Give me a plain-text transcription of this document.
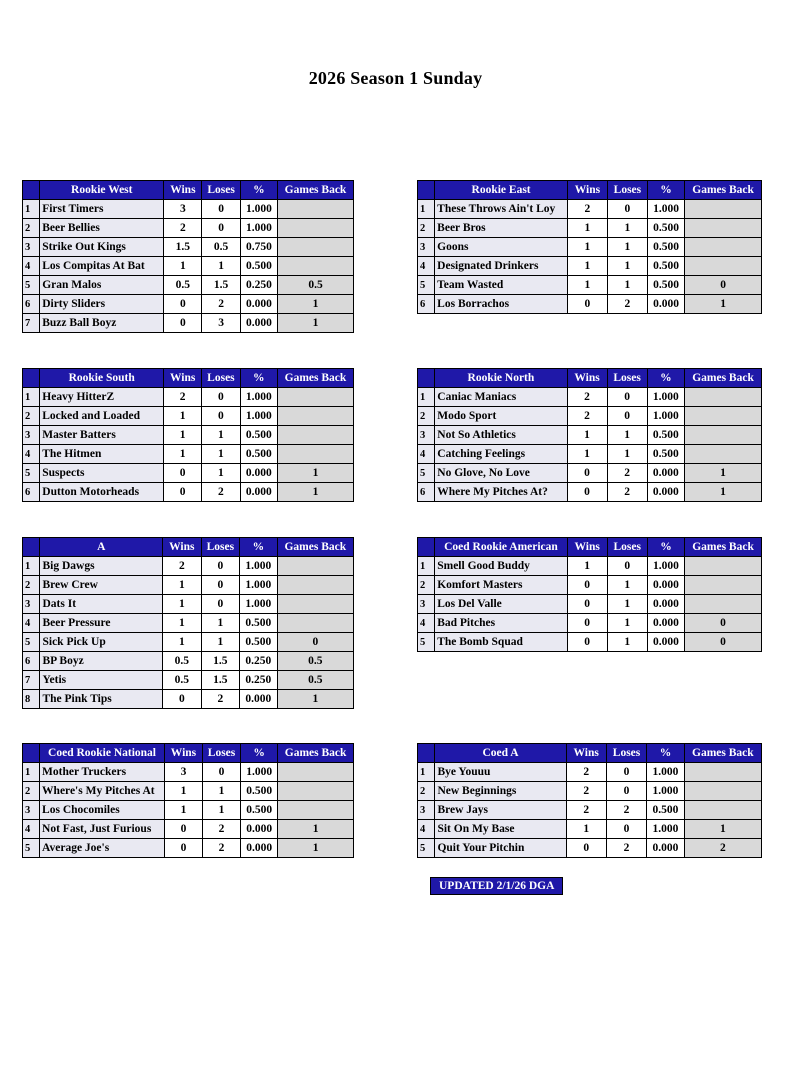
2026 Season 1 Sunday
	Rookie West	Wins	Loses	%	Games Back
1	First Timers	3	0	1.000	
2	Beer Bellies	2	0	1.000	
3	Strike Out Kings	1.5	0.5	0.750	
4	Los Compitas At Bat	1	1	0.500	
5	Gran Malos	0.5	1.5	0.250	0.5
6	Dirty Sliders	0	2	0.000	1
7	Buzz Ball Boyz	0	3	0.000	1
	Rookie East	Wins	Loses	%	Games Back
1	These Throws Ain't Loy	2	0	1.000	
2	Beer Bros	1	1	0.500	
3	Goons	1	1	0.500	
4	Designated Drinkers	1	1	0.500	
5	Team Wasted	1	1	0.500	0
6	Los Borrachos	0	2	0.000	1
	Rookie South	Wins	Loses	%	Games Back
1	Heavy HitterZ	2	0	1.000	
2	Locked and Loaded	1	0	1.000	
3	Master Batters	1	1	0.500	
4	The Hitmen	1	1	0.500	
5	Suspects	0	1	0.000	1
6	Dutton Motorheads	0	2	0.000	1
	Rookie North	Wins	Loses	%	Games Back
1	Caniac Maniacs	2	0	1.000	
2	Modo Sport	2	0	1.000	
3	Not So Athletics	1	1	0.500	
4	Catching Feelings	1	1	0.500	
5	No Glove, No Love	0	2	0.000	1
6	Where My Pitches At?	0	2	0.000	1
	A	Wins	Loses	%	Games Back
1	Big Dawgs	2	0	1.000	
2	Brew Crew	1	0	1.000	
3	Dats It	1	0	1.000	
4	Beer Pressure	1	1	0.500	
5	Sick Pick Up	1	1	0.500	0
6	BP Boyz	0.5	1.5	0.250	0.5
7	Yetis	0.5	1.5	0.250	0.5
8	The Pink Tips	0	2	0.000	1
	Coed Rookie American	Wins	Loses	%	Games Back
1	Smell Good Buddy	1	0	1.000	
2	Komfort Masters	0	1	0.000	
3	Los Del Valle	0	1	0.000	
4	Bad Pitches	0	1	0.000	0
5	The Bomb Squad	0	1	0.000	0
	Coed Rookie National	Wins	Loses	%	Games Back
1	Mother Truckers	3	0	1.000	
2	Where's My Pitches At	1	1	0.500	
3	Los Chocomiles	1	1	0.500	
4	Not Fast, Just Furious	0	2	0.000	1
5	Average Joe's	0	2	0.000	1
	Coed A	Wins	Loses	%	Games Back
1	Bye Youuu	2	0	1.000	
2	New Beginnings	2	0	1.000	
3	Brew Jays	2	2	0.500	
4	Sit On My Base	1	0	1.000	1
5	Quit Your Pitchin	0	2	0.000	2
UPDATED 2/1/26 DGA
